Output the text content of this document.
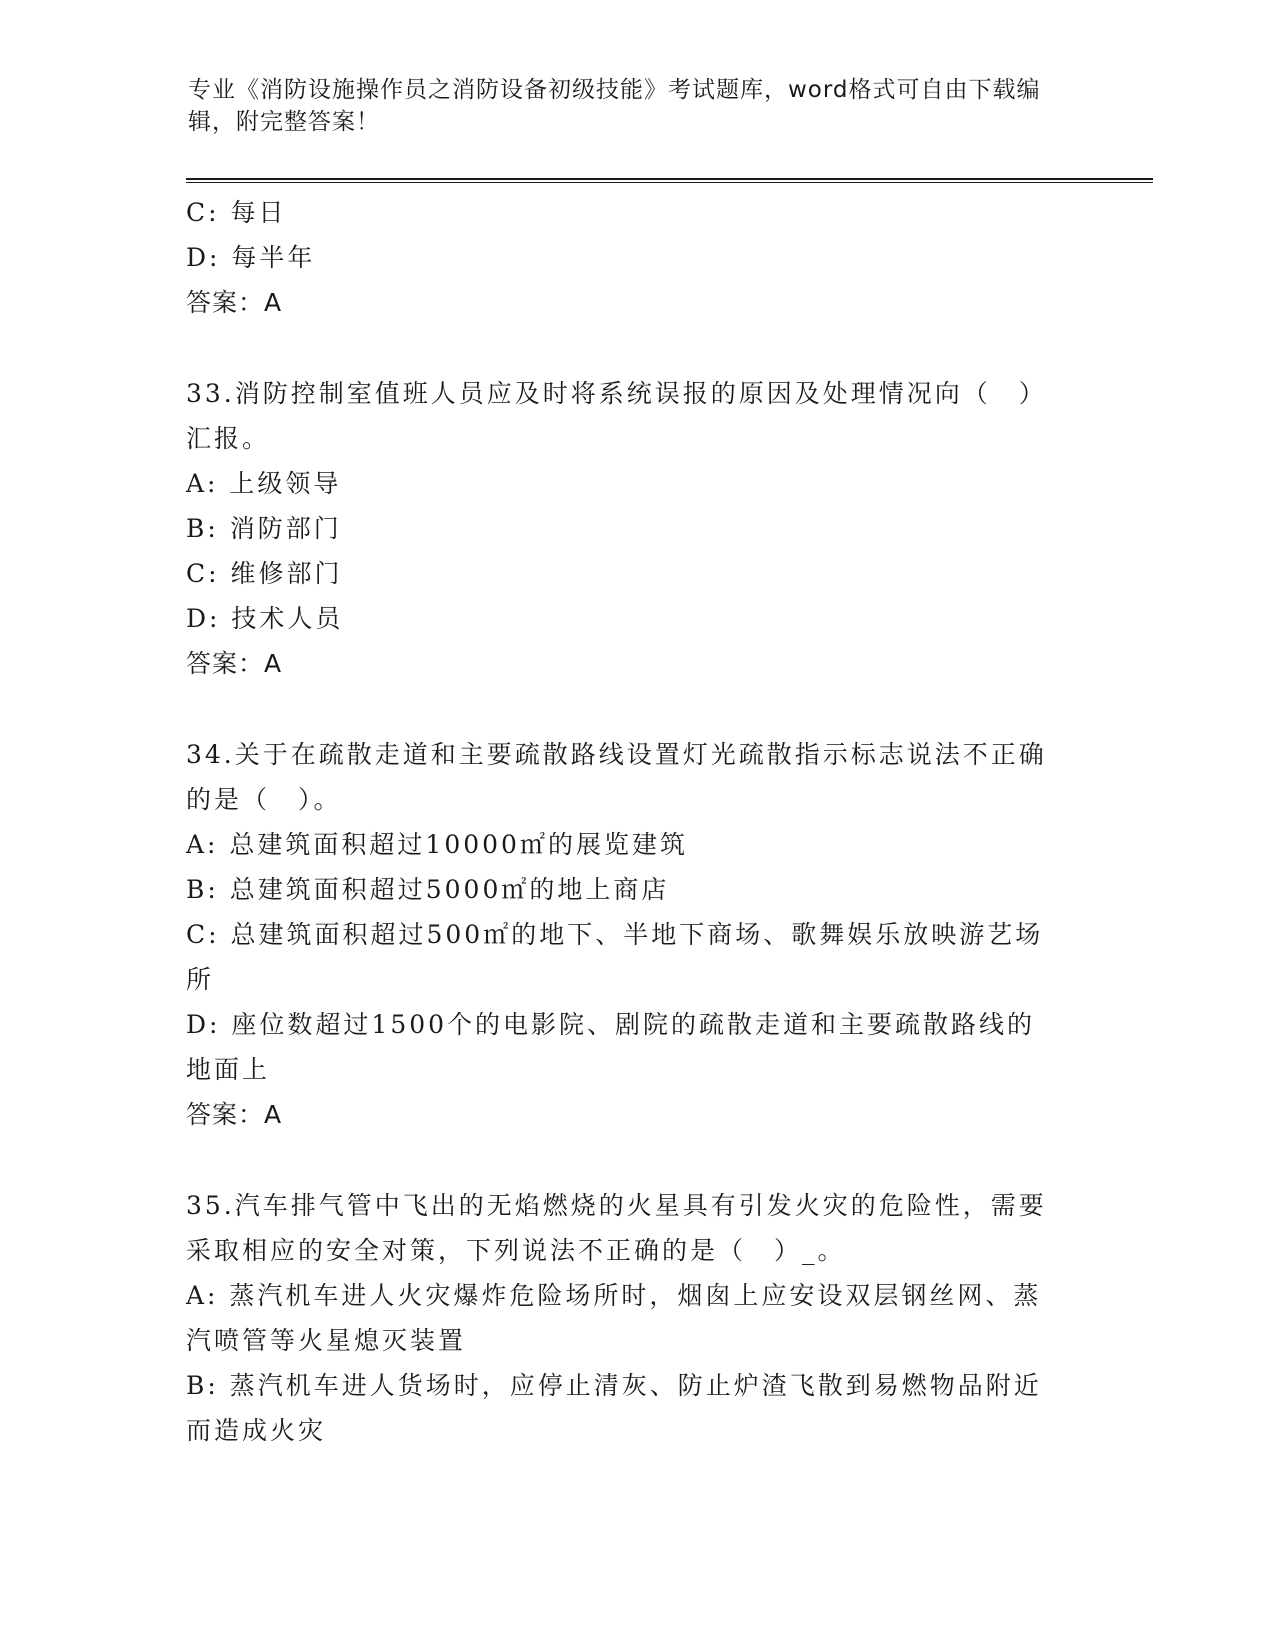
专业《消防设施操作员之消防设备初级技能》考试题库，word格式可自由下载编
辑，附完整答案！
C: 每日
D: 每半年
答案：A
33.消防控制室值班人员应及时将系统误报的原因及处理情况向（　）
汇报。
A: 上级领导
B: 消防部门
C: 维修部门
D: 技术人员
答案：A
34.关于在疏散走道和主要疏散路线设置灯光疏散指示标志说法不正确
的是（　）。
A: 总建筑面积超过10000㎡的展览建筑
B: 总建筑面积超过5000㎡的地上商店
C: 总建筑面积超过500㎡的地下、半地下商场、歌舞娱乐放映游艺场
所
D: 座位数超过1500个的电影院、剧院的疏散走道和主要疏散路线的
地面上
答案：A
35.汽车排气管中飞出的无焰燃烧的火星具有引发火灾的危险性，需要
采取相应的安全对策，下列说法不正确的是（　）_。
A: 蒸汽机车进人火灾爆炸危险场所时，烟囱上应安设双层钢丝网、蒸
汽喷管等火星熄灭装置
B: 蒸汽机车进人货场时，应停止清灰、防止炉渣飞散到易燃物品附近
而造成火灾
